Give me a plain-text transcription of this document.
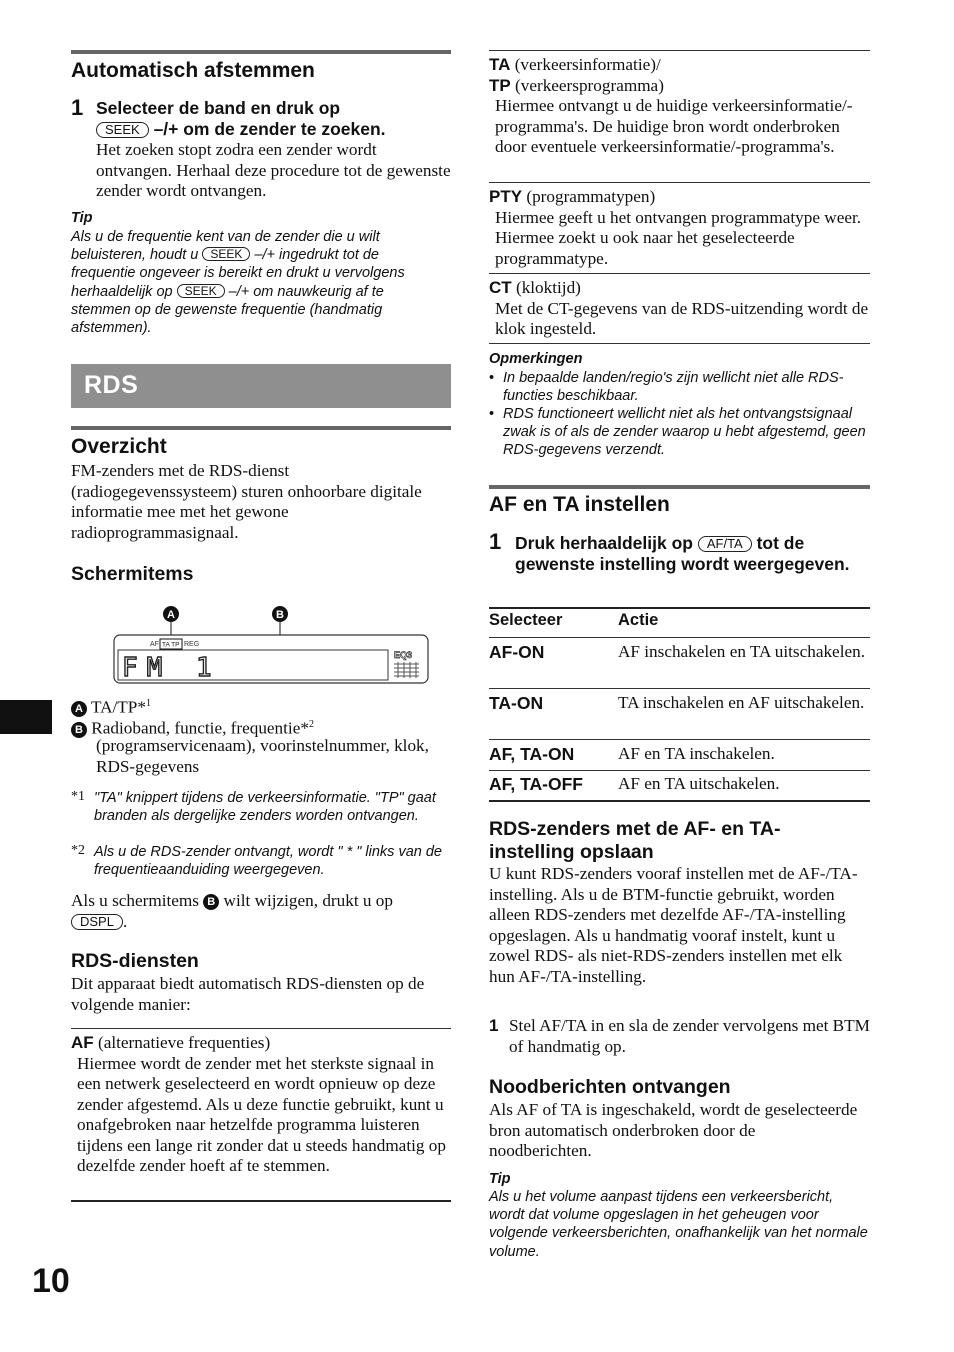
Automatisch afstemmen
1 Selecteer de band en druk op
SEEK –/+ om de zender te zoeken.
Het zoeken stopt zodra een zender wordt ontvangen. Herhaal deze procedure tot de gewenste zender wordt ontvangen.
Tip
Als u de frequentie kent van de zender die u wilt beluisteren, houdt u SEEK –/+ ingedrukt tot de frequentie ongeveer is bereikt en drukt u vervolgens herhaaldelijk op SEEK –/+ om nauwkeurig af te stemmen op de gewenste frequentie (handmatig afstemmen).
RDS
Overzicht
FM-zenders met de RDS-dienst (radiogegevenssysteem) sturen onhoorbare digitale informatie mee met het gewone radioprogrammasignaal.
Schermitems
A	B
AF TA TP REG
FM 1	EQ3
A TA/TP*$^1$
B Radioband, functie, frequentie*$^2$
(programservicenaam), voorinstelnummer, klok, RDS-gegevens
*1 "TA" knippert tijdens de verkeersinformatie. "TP" gaat branden als dergelijke zenders worden ontvangen.
*2 Als u de RDS-zender ontvangt, wordt " * " links van de frequentieaanduiding weergegeven.
Als u schermitems B wilt wijzigen, drukt u op
DSPL .
RDS-diensten
Dit apparaat biedt automatisch RDS-diensten op de volgende manier:
AF (alternatieve frequenties)
Hiermee wordt de zender met het sterkste signaal in een netwerk geselecteerd en wordt opnieuw op deze zender afgestemd. Als u deze functie gebruikt, kunt u onafgebroken naar hetzelfde programma luisteren tijdens een lange rit zonder dat u steeds handmatig op dezelfde zender hoeft af te stemmen.
TA (verkeersinformatie)/
TP (verkeersprogramma)
Hiermee ontvangt u de huidige verkeersinformatie/-programma's. De huidige bron wordt onderbroken door eventuele verkeersinformatie/-programma's.
PTY (programmatypen)
Hiermee geeft u het ontvangen programmatype weer. Hiermee zoekt u ook naar het geselecteerde programmatype.
CT (kloktijd)
Met de CT-gegevens van de RDS-uitzending wordt de klok ingesteld.
Opmerkingen
• In bepaalde landen/regio's zijn wellicht niet alle RDS-functies beschikbaar.
• RDS functioneert wellicht niet als het ontvangstsignaal zwak is of als de zender waarop u hebt afgestemd, geen RDS-gegevens verzendt.
AF en TA instellen
1 Druk herhaaldelijk op AF/TA tot de gewenste instelling wordt weergegeven.
Selecteer	Actie
AF-ON	AF inschakelen en TA uitschakelen.
TA-ON	TA inschakelen en AF uitschakelen.
AF, TA-ON	AF en TA inschakelen.
AF, TA-OFF AF en TA uitschakelen.
RDS-zenders met de AF- en TA-instelling opslaan
U kunt RDS-zenders vooraf instellen met de AF-/TA-instelling. Als u de BTM-functie gebruikt, worden alleen RDS-zenders met dezelfde AF-/TA-instelling opgeslagen. Als u handmatig vooraf instelt, kunt u zowel RDS- als niet-RDS-zenders instellen met elk hun AF-/TA-instelling.
1 Stel AF/TA in en sla de zender vervolgens met BTM of handmatig op.
Noodberichten ontvangen
Als AF of TA is ingeschakeld, wordt de geselecteerde bron automatisch onderbroken door de noodberichten.
Tip
Als u het volume aanpast tijdens een verkeersbericht, wordt dat volume opgeslagen in het geheugen voor volgende verkeersberichten, onafhankelijk van het normale volume.
10
